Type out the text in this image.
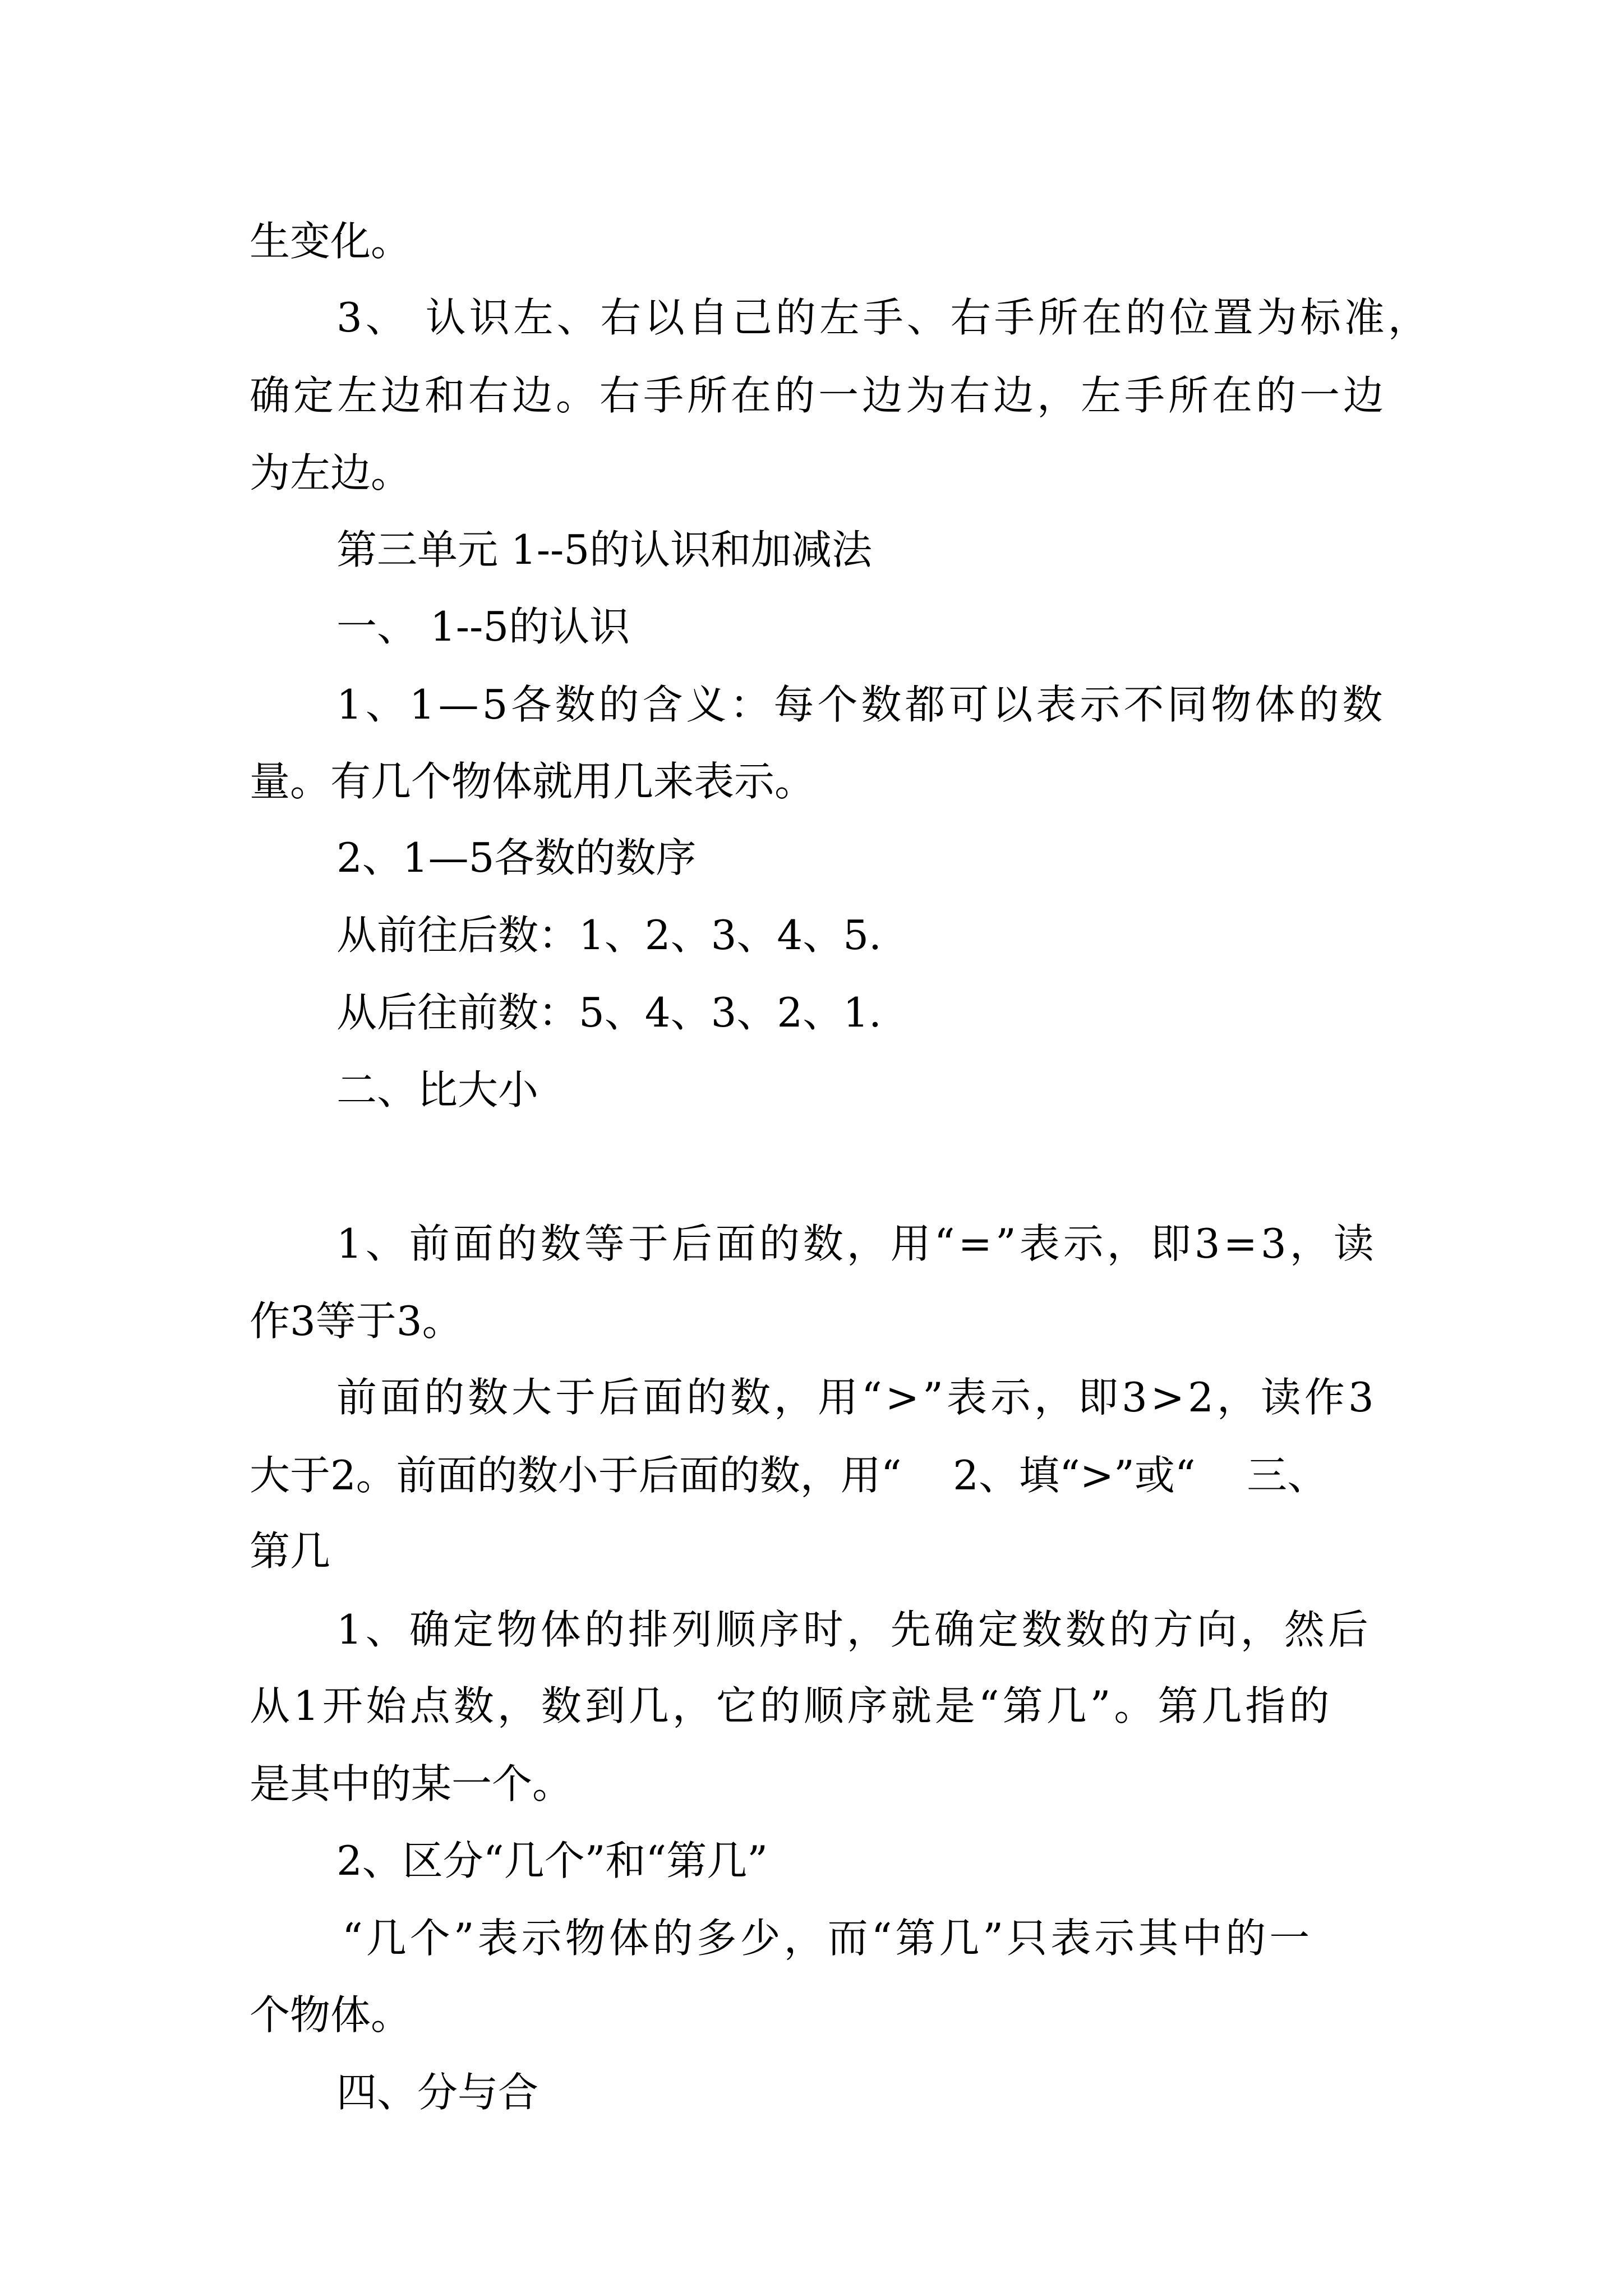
生变化。

3、 认识左、右以自己的左手、右手所在的位置为标准，

确定左边和右边。右手所在的一边为右边，左手所在的一边

为左边。

第三单元 1--5的认识和加减法

一、 1--5的认识

1、1—5各数的含义：每个数都可以表示不同物体的数

量。有几个物体就用几来表示。

2、1—5各数的数序

从前往后数：1、2、3、4、5.

从后往前数：5、4、3、2、1.

二、比大小

1、前面的数等于后面的数，用“=”表示，即3=3，读

作3等于3。

前面的数大于后面的数，用“>”表示，即3>2，读作3

大于2。前面的数小于后面的数，用“    2、填“>”或“    三、

第几

1、确定物体的排列顺序时，先确定数数的方向，然后

从1开始点数，数到几，它的顺序就是“第几”。第几指的

是其中的某一个。

2、区分“几个”和“第几”

“几个”表示物体的多少，而“第几”只表示其中的一

个物体。

四、分与合
